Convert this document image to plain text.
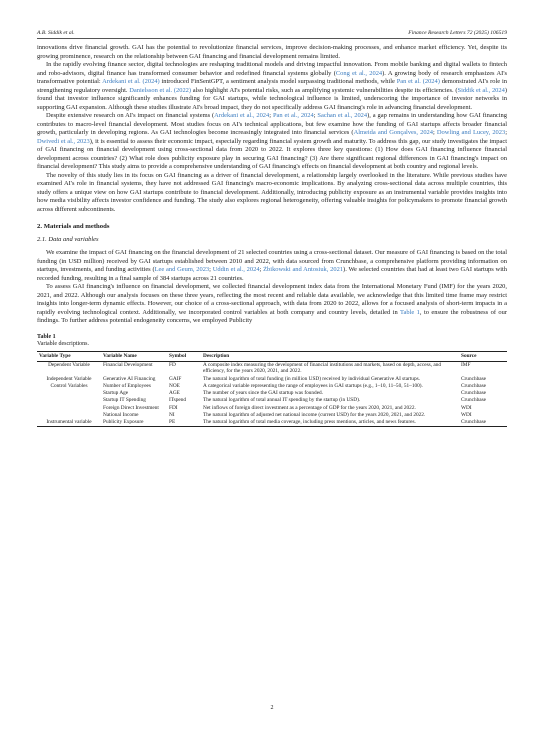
A.B. Siddik et al.	Finance Research Letters 72 (2025) 106519

innovations drive financial growth. GAI has the potential to revolutionize financial services, improve decision-making processes, and enhance market efficiency. Yet, despite its growing prominence, research on the relationship between GAI financing and financial development remains limited.

In the rapidly evolving finance sector, digital technologies are reshaping traditional models and driving impactful innovation. From mobile banking and digital wallets to fintech and robo-advisors, digital finance has transformed consumer behavior and redefined financial systems globally (Cong et al., 2024). A growing body of research emphasizes AI's transformative potential: Ardekani et al. (2024) introduced FinSentGPT, a sentiment analysis model surpassing traditional methods, while Pan et al. (2024) demonstrated AI's role in strengthening regulatory oversight. Danielsson et al. (2022) also highlight AI's potential risks, such as amplifying systemic vulnerabilities despite its efficiencies. (Siddik et al., 2024) found that investor influence significantly enhances funding for GAI startups, while technological influence is limited, underscoring the importance of investor networks in supporting GAI expansion. Although these studies illustrate AI's broad impact, they do not specifically address GAI financing's role in advancing financial development.

Despite extensive research on AI's impact on financial systems (Ardekani et al., 2024; Pan et al., 2024; Sachan et al., 2024), a gap remains in understanding how GAI financing contributes to macro-level financial development. Most studies focus on AI's technical applications, but few examine how the funding of GAI startups affects broader financial growth, particularly in developing regions. As GAI technologies become increasingly integrated into financial services (Almeida and Gonçalves, 2024; Dowling and Lucey, 2023; Dwivedi et al., 2023), it is essential to assess their economic impact, especially regarding financial system growth and maturity. To address this gap, our study investigates the impact of GAI financing on financial development using cross-sectional data from 2020 to 2022. It explores three key questions: (1) How does GAI financing influence financial development across countries? (2) What role does publicity exposure play in securing GAI financing? (3) Are there significant regional differences in GAI financing's impact on financial development? This study aims to provide a comprehensive understanding of GAI financing's effects on financial development at both country and regional levels.

The novelty of this study lies in its focus on GAI financing as a driver of financial development, a relationship largely overlooked in the literature. While previous studies have examined AI's role in financial systems, they have not addressed GAI financing's macro-economic implications. By analyzing cross-sectional data across multiple countries, this study offers a unique view on how GAI startups contribute to financial development. Additionally, introducing publicity exposure as an instrumental variable provides insights into how media visibility affects investor confidence and funding. The study also explores regional heterogeneity, offering valuable insights for policymakers to promote financial growth across different subcontinents.

2. Materials and methods
2.1. Data and variables

We examine the impact of GAI financing on the financial development of 21 selected countries using a cross-sectional dataset. Our measure of GAI financing is based on the total funding (in USD million) received by GAI startups established between 2010 and 2022, with data sourced from Crunchbase, a comprehensive platform providing information on startups, investments, and funding activities (Lee and Geum, 2023; Uddin et al., 2024; Żbikowski and Antosiuk, 2021). We selected countries that had at least two GAI startups with recorded funding, resulting in a final sample of 384 startups across 21 countries.

To assess GAI financing's influence on financial development, we collected financial development index data from the International Monetary Fund (IMF) for the years 2020, 2021, and 2022. Although our analysis focuses on these three years, reflecting the most recent and reliable data available, we acknowledge that this limited time frame may restrict insights into longer-term dynamic effects. However, our choice of a cross-sectional approach, with data from 2020 to 2022, allows for a focused analysis of short-term impacts in a rapidly evolving technological context. Additionally, we incorporated control variables at both company and country levels, detailed in Table 1, to ensure the robustness of our findings. To further address potential endogeneity concerns, we employed Publicity

Table 1
Variable descriptions.
Variable Type	Variable Name	Symbol	Description	Source
Dependent Variable	Financial Development	FD	A composite index measuring the development of financial institutions and markets, based on depth, access, and efficiency, for the years 2020, 2021, and 2022.	IMF
Independent Variable	Generative AI Financing	GAIF	The natural logarithm of total funding (in million USD) received by individual Generative AI startups.	Crunchbase
Control Variables	Number of Employees	NOE	A categorical variable representing the range of employees in GAI startups (e.g., 1–10, 11–50, 51–100).	Crunchbase
	Startup Age	AGE	The number of years since the GAI startup was founded.	Crunchbase
	Startup IT Spending	ITspend	The natural logarithm of total annual IT spending by the startup (in USD).	Crunchbase
	Foreign Direct Investment	FDI	Net inflows of foreign direct investment as a percentage of GDP for the years 2020, 2021, and 2022.	WDI
	National Income	NI	The natural logarithm of adjusted net national income (current USD) for the years 2020, 2021, and 2022.	WDI
Instrumental variable	Publicity Exposure	PE	The natural logarithm of total media coverage, including press mentions, articles, and news features.	Crunchbase
2
